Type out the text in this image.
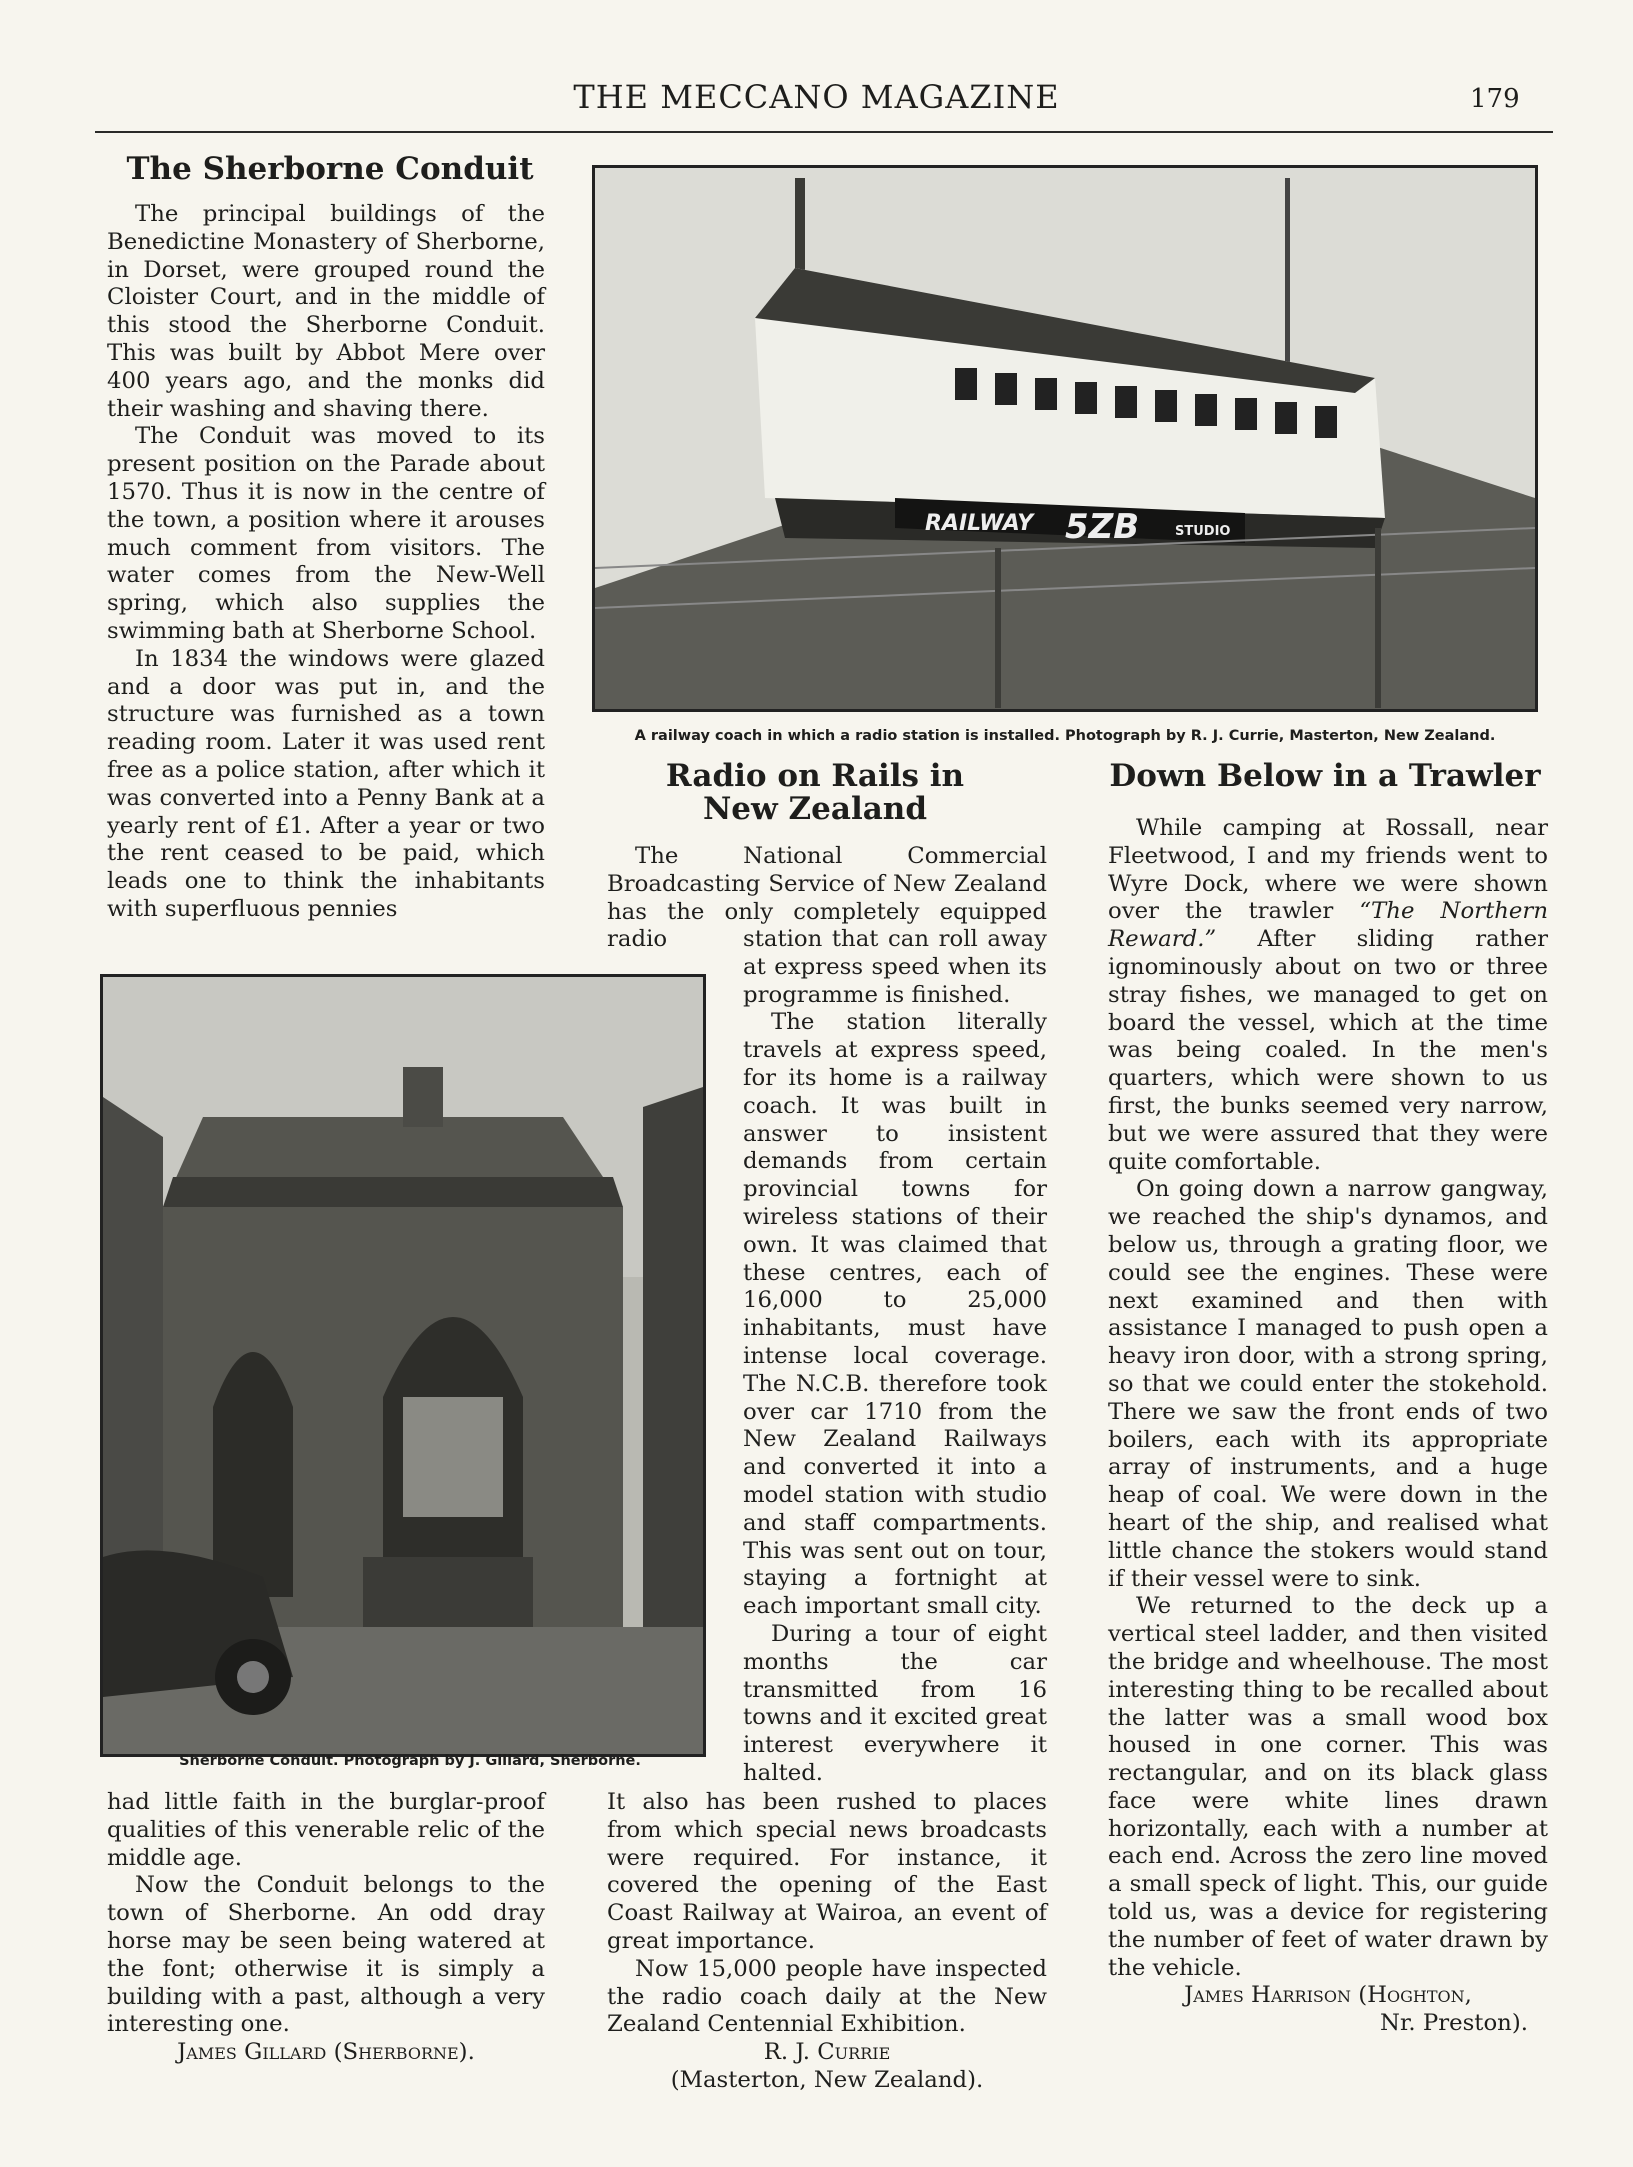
THE MECCANO MAGAZINE	179
The Sherborne Conduit

The principal buildings of the Benedictine Monastery of Sherborne, in Dorset, were grouped round the Cloister Court, and in the middle of this stood the Sherborne Conduit. This was built by Abbot Mere over 400 years ago, and the monks did their washing and shaving there.

The Conduit was moved to its present position on the Parade about 1570. Thus it is now in the centre of the town, a position where it arouses much comment from visitors. The water comes from the New-Well spring, which also supplies the swimming bath at Sherborne School.

In 1834 the windows were glazed and a door was put in, and the structure was furnished as a town reading room. Later it was used rent free as a police station, after which it was converted into a Penny Bank at a yearly rent of £1. After a year or two the rent ceased to be paid, which leads one to think the inhabitants with superfluous pennies

Sherborne Conduit. Photograph by J. Gillard, Sherborne.

had little faith in the burglar-proof qualities of this venerable relic of the middle age.

Now the Conduit belongs to the town of Sherborne. An odd dray horse may be seen being watered at the font; otherwise it is simply a building with a past, although a very interesting one.

James Gillard (Sherborne).

RAILWAY 5ZB	STUDIO
A railway coach in which a radio station is installed. Photograph by R. J. Currie, Masterton, New Zealand.
Radio on Rails in
New Zealand

The National Commercial Broadcasting Service of New Zealand has the only completely equipped radio	station that can roll away at express speed when its programme is finished.

The station literally travels at express speed, for its home is a railway coach. It was built in answer to insistent demands from certain provincial towns for wireless stations of their own. It was claimed that these centres, each of 16,000 to 25,000 inhabitants, must have intense local coverage. The N.C.B. therefore took over car 1710 from the New Zealand Railways and converted it into a model station with studio and staff compartments. This was sent out on tour, staying a fortnight at each important small city.

During a tour of eight months the car transmitted from 16 towns and it excited great interest everywhere it halted.

It also has been rushed to places from which special news broadcasts were required. For instance, it covered the opening of the East Coast Railway at Wairoa, an event of great importance.

Now 15,000 people have inspected the radio coach daily at the New Zealand Centennial Exhibition.

R. J. Currie

(Masterton, New Zealand).

Down Below in a Trawler

While camping at Rossall, near Fleetwood, I and my friends went to Wyre Dock, where we were shown over the trawler “The Northern Reward.” After sliding rather ignominously about on two or three stray fishes, we managed to get on board the vessel, which at the time was being coaled. In the men's quarters, which were shown to us first, the bunks seemed very narrow, but we were assured that they were quite comfortable.

On going down a narrow gangway, we reached the ship's dynamos, and below us, through a grating floor, we could see the engines. These were next examined and then with assistance I managed to push open a heavy iron door, with a strong spring, so that we could enter the stokehold. There we saw the front ends of two boilers, each with its appropriate array of instruments, and a huge heap of coal. We were down in the heart of the ship, and realised what little chance the stokers would stand if their vessel were to sink.

We returned to the deck up a vertical steel ladder, and then visited the bridge and wheelhouse. The most interesting thing to be recalled about the latter was a small wood box housed in one corner. This was rectangular, and on its black glass face were white lines drawn horizontally, each with a number at each end. Across the zero line moved a small speck of light. This, our guide told us, was a device for registering the number of feet of water drawn by the vehicle.

James Harrison (Hoghton,

Nr. Preston).
